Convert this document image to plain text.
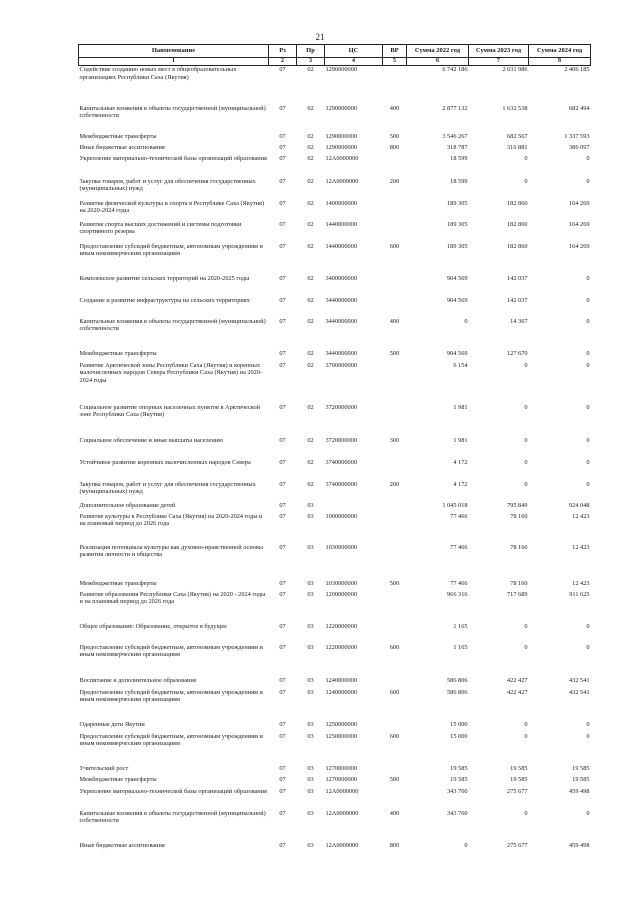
21
Наименование	Рз	Пр	ЦС	ВР	Сумма 2022 год	Сумма 2023 год	Сумма 2024 год
1	2	3	4	5	6	7	8
Содействие созданию новых мест в общеобразовательных организациях Республики Саха (Якутия)	07	02	1290000000		6 742 186	2 631 986	2 406 185
Капитальные вложения в объекты государственной (муниципальной) собственности	07	02	1290000000	400	2 877 132	1 632 538	682 494
Межбюджетные трансферты	07	02	1290000000	500	3 546 267	682 567	1 337 593
Иные бюджетные ассигнования	07	02	1290000000	800	318 787	316 881	386 097
Укрепление материально-технической базы организаций образования	07	02	12А0000000		18 599	0	0
Закупка товаров, работ и услуг для обеспечения государственных (муниципальных) нужд	07	02	12А0000000	200	18 599	0	0
Развитие физической культуры и спорта в Республике Саха (Якутия) на 2020-2024 годы	07	02	1400000000		189 305	182 860	164 269
Развитие спорта высших достижений и системы подготовки спортивного резерва	07	02	1440000000		189 305	182 860	164 269
Предоставление субсидий бюджетным, автономным учреждениям и иным некоммерческим организациям	07	02	1440000000	600	189 305	182 860	164 269
Комплексное развитие сельских территорий на 2020-2025 годы	07	02	3400000000		904 569	142 037	0
Создание и развитие инфраструктуры на сельских территориях	07	02	3440000000		904 569	142 037	0
Капитальные вложения в объекты государственной (муниципальной) собственности	07	02	3440000000	400	0	14 367	0
Межбюджетные трансферты	07	02	3440000000	500	904 569	127 670	0
Развитие Арктической зоны Республики Саха (Якутия) и коренных малочисленных народов Севера Республики Саха (Якутия) на 2020-2024 годы	07	02	3700000000		6 154	0	0
Социальное развитие опорных населенных пунктов в Арктической зоне Республики Саха (Якутия)	07	02	3720000000		1 981	0	0
Социальное обеспечение и иные выплаты населению	07	02	3720000000	300	1 981	0	0
Устойчивое развитие коренных малочисленных народов Севера	07	02	3740000000		4 172	0	0
Закупка товаров, работ и услуг для обеспечения государственных (муниципальных) нужд	07	02	3740000000	200	4 172	0	0
Дополнительное образование детей	07	03			1 045 018	795 849	924 048
Развитие культуры в Республике Саха (Якутия) на 2020-2024 годы и на плановый период до 2026 года	07	03	1000000000		77 466	78 160	12 423
Реализация потенциала культуры как духовно-нравственной основы развития личности и общества	07	03	1030000000		77 466	78 160	12 423
Межбюджетные трансферты	07	03	1030000000	500	77 466	78 160	12 423
Развитие образования Республики Саха (Якутия) на 2020 - 2024 годы и на плановый период до 2026 года	07	03	1200000000		966 316	717 689	911 625
Общее образование: Образование, открытое в будущее	07	03	1220000000		1 165	0	0
Предоставление субсидий бюджетным, автономным учреждениям и иным некоммерческим организациям	07	03	1220000000	600	1 165	0	0
Воспитание и дополнительное образование	07	03	1240000000		586 806	422 427	432 541
Предоставление субсидий бюджетным, автономным учреждениям и иным некоммерческим организациям	07	03	1240000000	600	586 806	422 427	432 541
Одаренные дети Якутии	07	03	1250000000		15 000	0	0
Предоставление субсидий бюджетным, автономным учреждениям и иным некоммерческим организациям	07	03	1250000000	600	15 000	0	0
Учительский рост	07	03	1270000000		19 585	19 585	19 585
Межбюджетные трансферты	07	03	1270000000	500	19 585	19 585	19 585
Укрепление материально-технической базы организаций образования	07	03	12А0000000		343 760	275 677	459 498
Капитальные вложения в объекты государственной (муниципальной) собственности	07	03	12А0000000	400	343 760	0	0
Иные бюджетные ассигнования	07	03	12А0000000	800	0	275 677	459 498
